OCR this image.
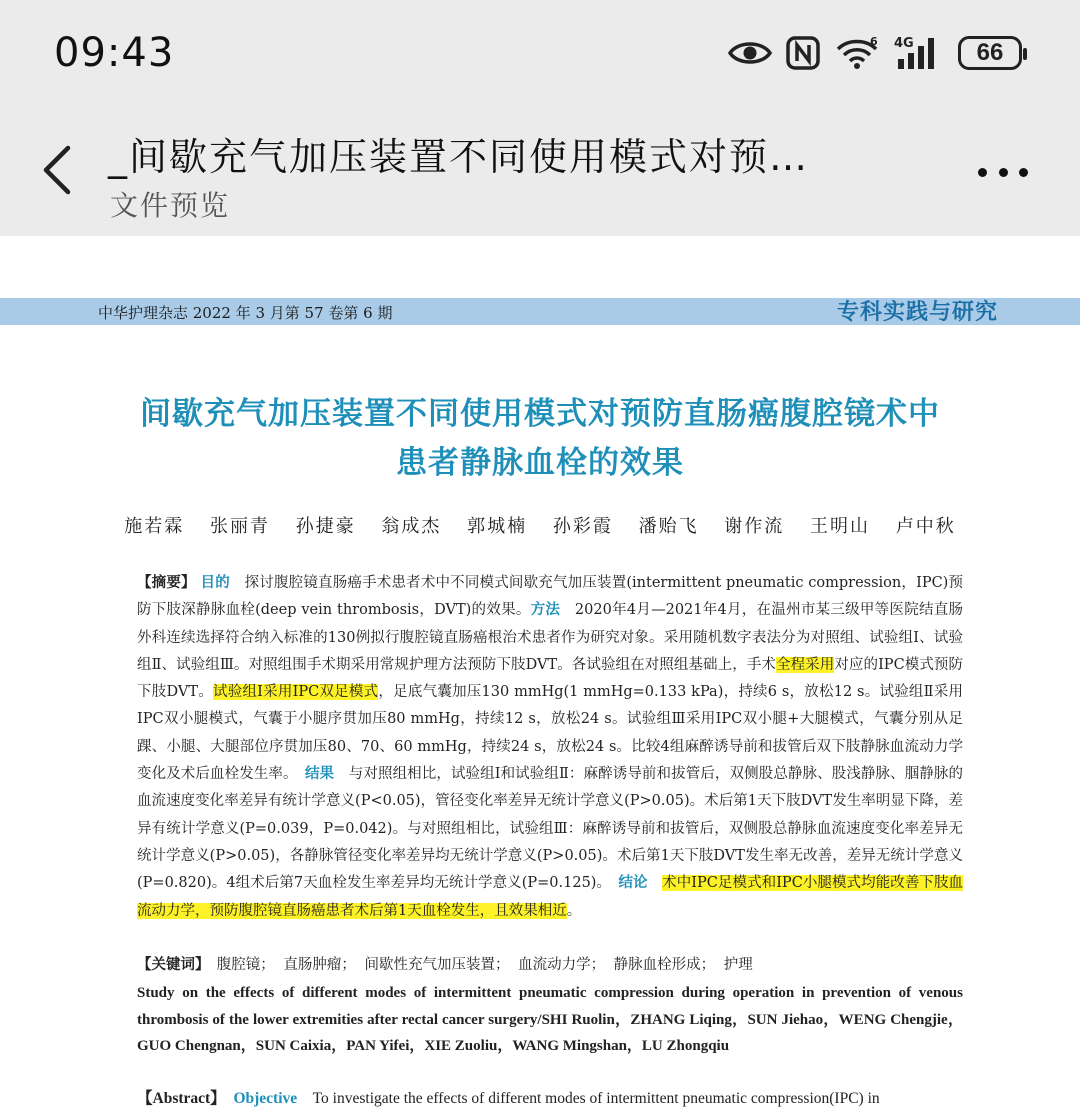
09:43	6 4G	66
_间歇充气加压装置不同使用模式对预…
文件预览
中华护理杂志 2022 年 3 月第 57 卷第 6 期	专科实践与研究
间歇充气加压装置不同使用模式对预防直肠癌腹腔镜术中
患者静脉血栓的效果
施若霖 张丽青 孙捷豪 翁成杰 郭城楠 孙彩霞 潘贻飞 谢作流 王明山 卢中秋

【摘要】 目的　 探讨腹腔镜直肠癌手术患者术中不同模式间歇充气加压装置(intermittent pneumatic compression，IPC)预防下肢深静脉血栓(deep vein thrombosis，DVT)的效果。方法　 2020年4月—2021年4月，在温州市某三级甲等医院结直肠外科连续选择符合纳入标准的130例拟行腹腔镜直肠癌根治术患者作为研究对象。采用随机数字表法分为对照组、试验组Ⅰ、试验组Ⅱ、试验组Ⅲ。对照组围手术期采用常规护理方法预防下肢DVT。各试验组在对照组基础上，手术全程采用对应的IPC模式预防下肢DVT。试验组Ⅰ采用IPC双足模式，足底气囊加压130 mmHg(1 mmHg=0.133 kPa)，持续6 s，放松12 s。试验组Ⅱ采用IPC双小腿模式，气囊于小腿序贯加压80 mmHg，持续12 s，放松24 s。试验组Ⅲ采用IPC双小腿+大腿模式，气囊分别从足踝、小腿、大腿部位序贯加压80、70、60 mmHg，持续24 s，放松24 s。比较4组麻醉诱导前和拔管后双下肢静脉血流动力学变化及术后血栓发生率。　 结果　 与对照组相比，试验组Ⅰ和试验组Ⅱ：麻醉诱导前和拔管后，双侧股总静脉、股浅静脉、腘静脉的血流速度变化率差异有统计学意义(P<0.05)，管径变化率差异无统计学意义(P>0.05)。术后第1天下肢DVT发生率明显下降，差异有统计学意义(P=0.039，P=0.042)。与对照组相比，试验组Ⅲ：麻醉诱导前和拔管后，双侧股总静脉血流速度变化率差异无统计学意义(P>0.05)，各静脉管径变化率差异均无统计学意义(P>0.05)。术后第1天下肢DVT发生率无改善，差异无统计学意义(P=0.820)。4组术后第7天血栓发生率差异均无统计学意义(P=0.125)。　 结论　 术中IPC足模式和IPC小腿模式均能改善下肢血流动力学，预防腹腔镜直肠癌患者术后第1天血栓发生，且效果相近。

【关键词】　 腹腔镜； 直肠肿瘤； 间歇性充气加压装置； 血流动力学； 静脉血栓形成； 护理
Study on the effects of different modes of intermittent pneumatic compression during operation in prevention of venous thrombosis of the lower extremities after rectal cancer surgery/SHI Ruolin，ZHANG Liqing，SUN Jiehao，WENG Chengjie，GUO Chengnan，SUN Caixia，PAN Yifei，XIE Zuoliu，WANG Mingshan，LU Zhongqiu
【Abstract】　 Objective　 To investigate the effects of different modes of intermittent pneumatic compression(IPC) in
